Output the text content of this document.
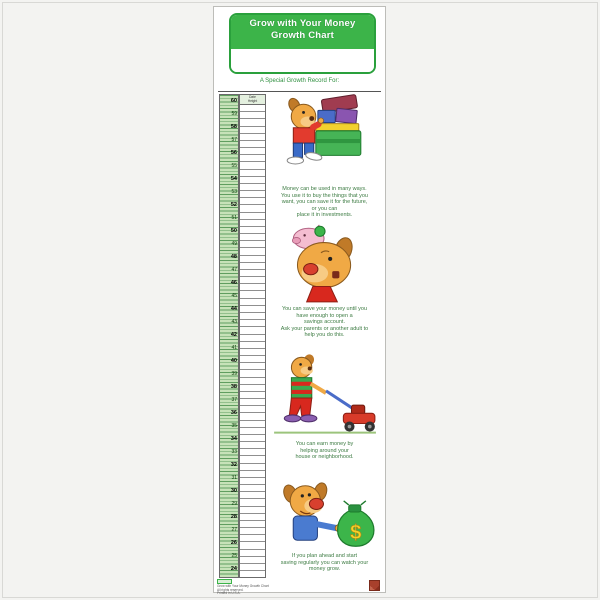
Grow with Your Money
Growth Chart
A Special Growth Record For:
60
59
58
57
56
55
54
53
52
51
50
49
48
47
46
45
44
43
42
41
40
39
38
37
36
35
34
33
32
31
30
29
28
27
26
25
24
Date
Height
Money can be used in many ways.
You use it to buy the things that you
want, you can save it for the future,
or you can
place it in investments.
You can save your money until you
have enough to open a
savings account.
Ask your parents or another adult to
help you do this.
You can earn money by
helping around your
house or neighborhood.
$
If you plan ahead and start
saving regularly you can watch your
money grow.
Grow with Your Money Growth Chart
All rights reserved.
Printed in U.S.A.
